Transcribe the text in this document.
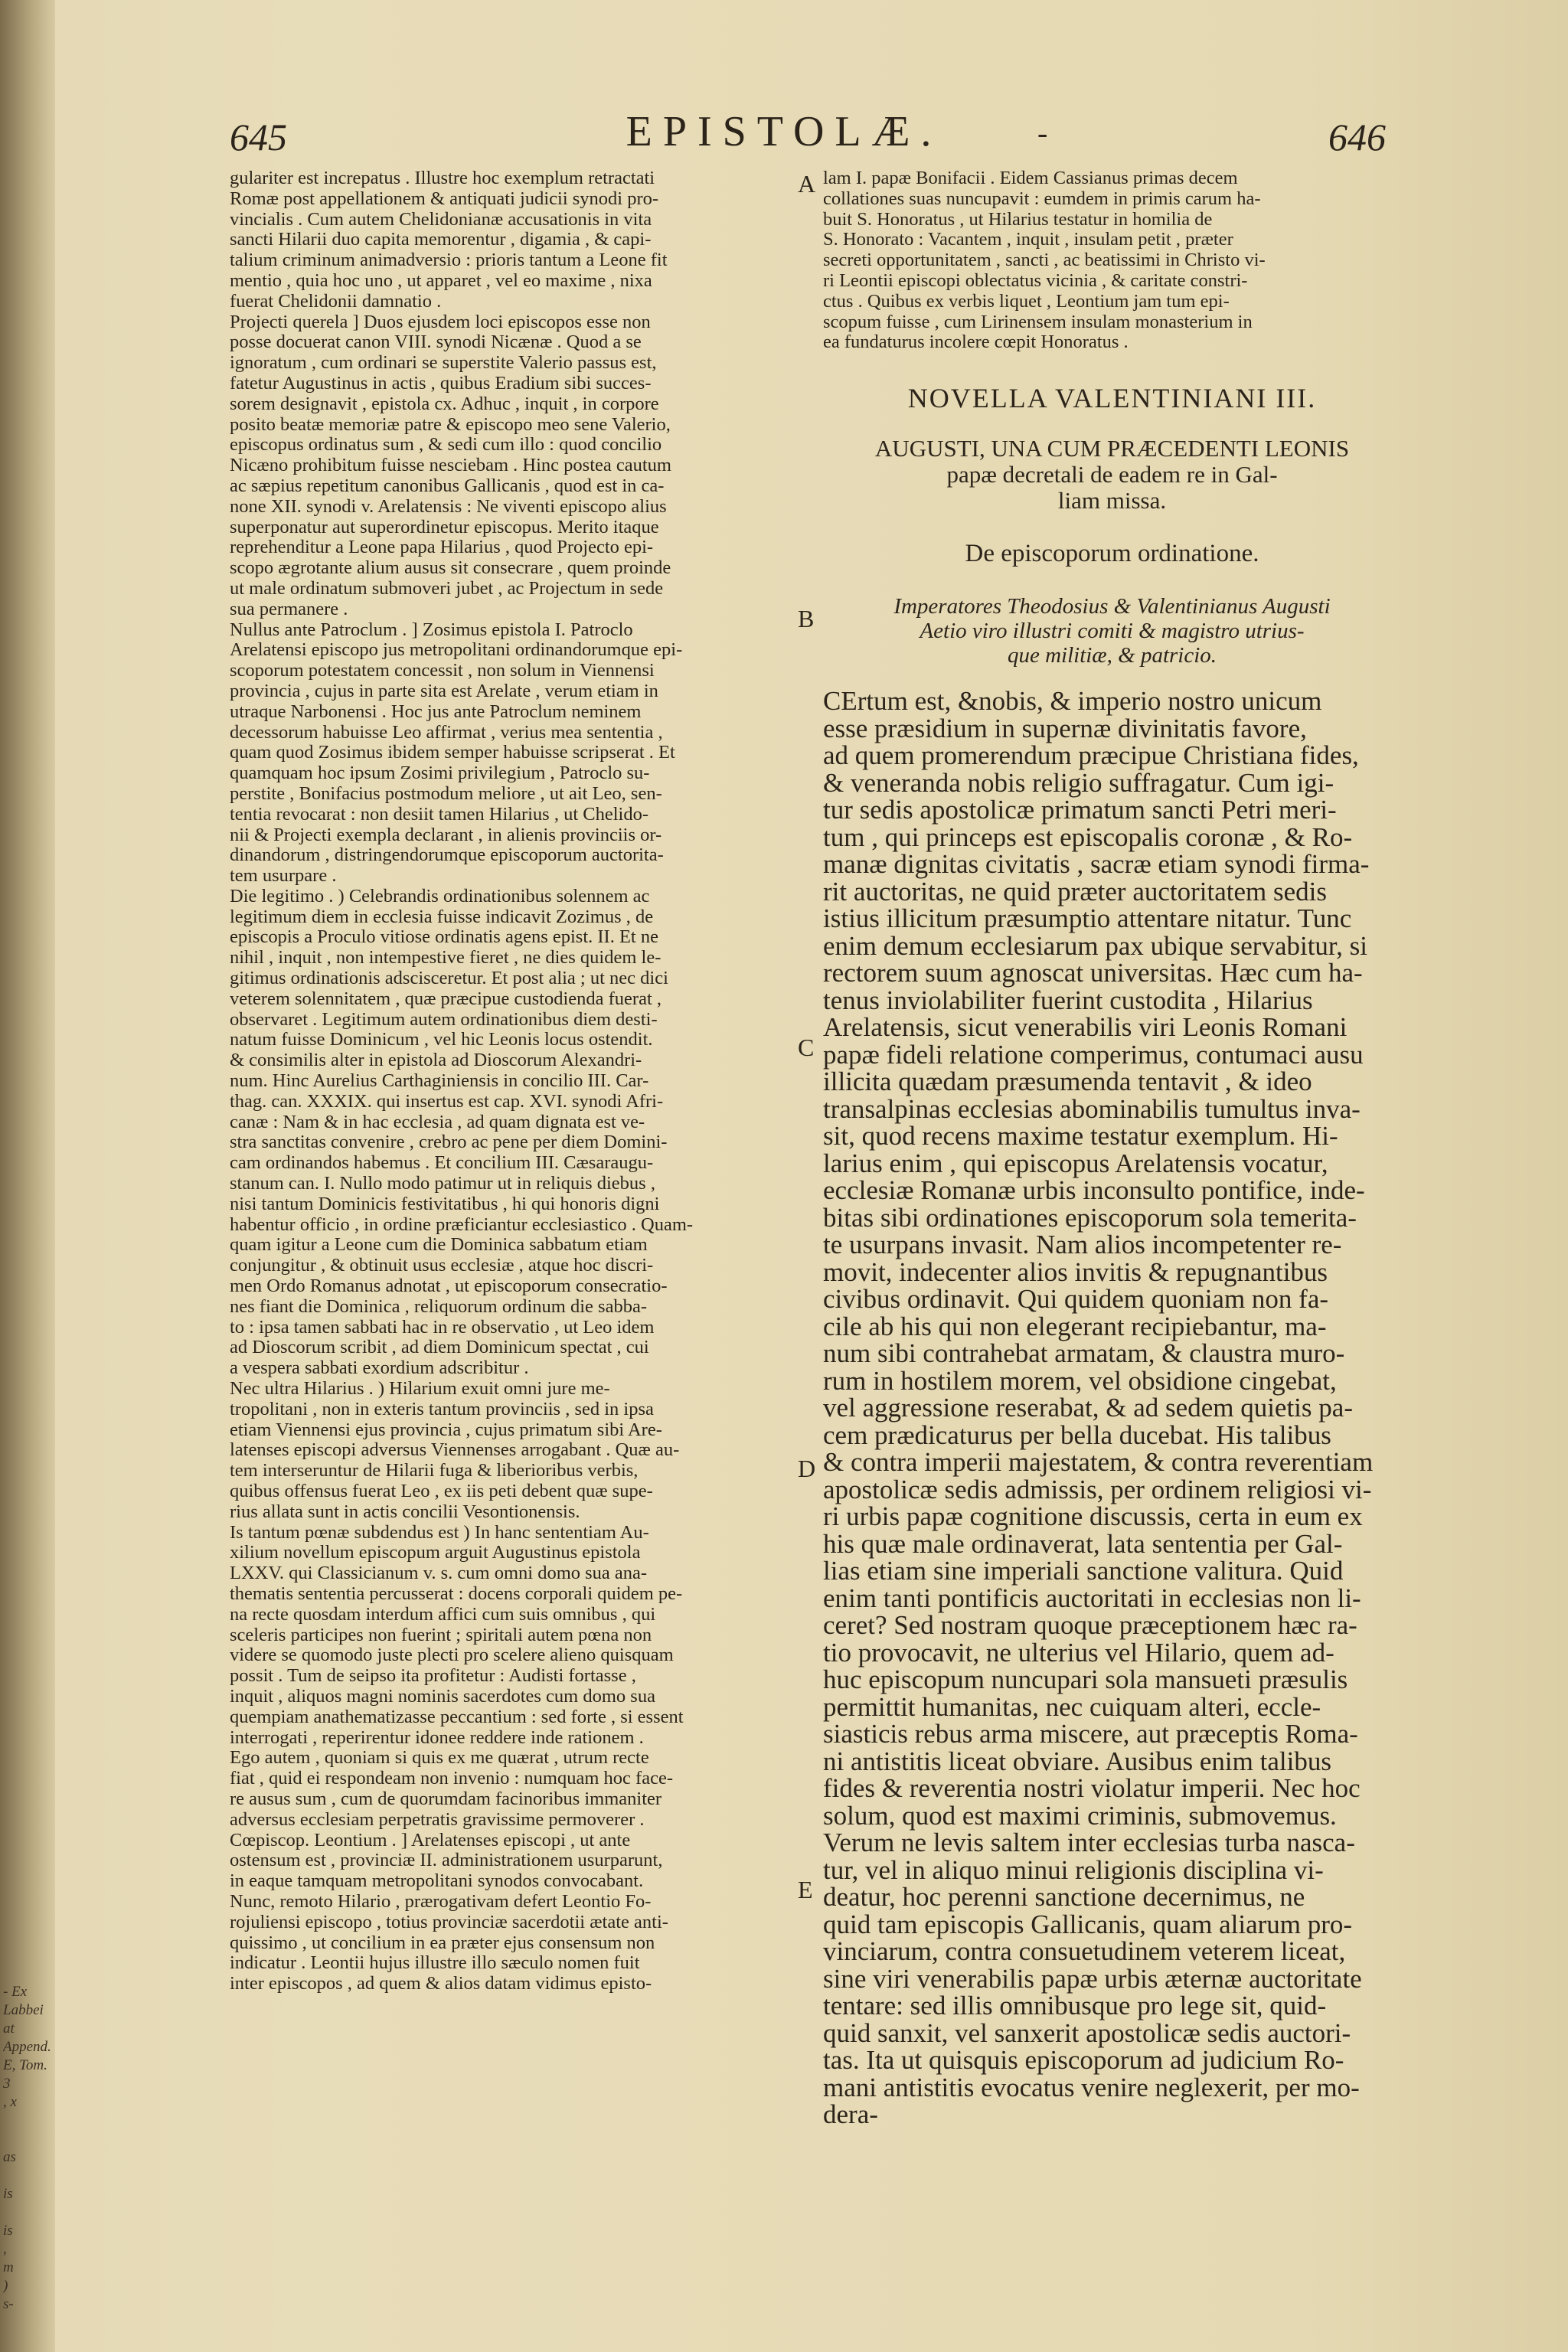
- Ex Labbei
at Append.
E, Tom. 3
, x

as

is

is
,
m
)
s-
645	EPISTOLÆ.	-	646

gulariter est increpatus . Illustre hoc exemplum retractati
Romæ post appellationem & antiquati judicii synodi pro-
vincialis . Cum autem Chelidonianæ accusationis in vita
sancti Hilarii duo capita memorentur , digamia , & capi-
talium criminum animadversio : prioris tantum a Leone fit
mentio , quia hoc uno , ut apparet , vel eo maxime , nixa
fuerat Chelidonii damnatio .
Projecti querela ] Duos ejusdem loci episcopos esse non
posse docuerat canon VIII. synodi Nicænæ . Quod a se
ignoratum , cum ordinari se superstite Valerio passus est,
fatetur Augustinus in actis , quibus Eradium sibi succes-
sorem designavit , epistola cx. Adhuc , inquit , in corpore
posito beatæ memoriæ patre & episcopo meo sene Valerio,
episcopus ordinatus sum , & sedi cum illo : quod concilio
Nicæno prohibitum fuisse nesciebam . Hinc postea cautum
ac sæpius repetitum canonibus Gallicanis , quod est in ca-
none XII. synodi v. Arelatensis : Ne viventi episcopo alius
superponatur aut superordinetur episcopus. Merito itaque
reprehenditur a Leone papa Hilarius , quod Projecto epi-
scopo ægrotante alium ausus sit consecrare , quem proinde
ut male ordinatum submoveri jubet , ac Projectum in sede
sua permanere .
Nullus ante Patroclum . ] Zosimus epistola I. Patroclo
Arelatensi episcopo jus metropolitani ordinandorumque epi-
scoporum potestatem concessit , non solum in Viennensi
provincia , cujus in parte sita est Arelate , verum etiam in
utraque Narbonensi . Hoc jus ante Patroclum neminem
decessorum habuisse Leo affirmat , verius mea sententia ,
quam quod Zosimus ibidem semper habuisse scripserat . Et
quamquam hoc ipsum Zosimi privilegium , Patroclo su-
perstite , Bonifacius postmodum meliore , ut ait Leo, sen-
tentia revocarat : non desiit tamen Hilarius , ut Chelido-
nii & Projecti exempla declarant , in alienis provinciis or-
dinandorum , distringendorumque episcoporum auctorita-
tem usurpare .
Die legitimo . ) Celebrandis ordinationibus solennem ac
legitimum diem in ecclesia fuisse indicavit Zozimus , de
episcopis a Proculo vitiose ordinatis agens epist. II. Et ne
nihil , inquit , non intempestive fieret , ne dies quidem le-
gitimus ordinationis adscisceretur. Et post alia ; ut nec dici
veterem solennitatem , quæ præcipue custodienda fuerat ,
observaret . Legitimum autem ordinationibus diem desti-
natum fuisse Dominicum , vel hic Leonis locus ostendit.
& consimilis alter in epistola ad Dioscorum Alexandri-
num. Hinc Aurelius Carthaginiensis in concilio III. Car-
thag. can. XXXIX. qui insertus est cap. XVI. synodi Afri-
canæ : Nam & in hac ecclesia , ad quam dignata est ve-
stra sanctitas convenire , crebro ac pene per diem Domini-
cam ordinandos habemus . Et concilium III. Cæsaraugu-
stanum can. I. Nullo modo patimur ut in reliquis diebus ,
nisi tantum Dominicis festivitatibus , hi qui honoris digni
habentur officio , in ordine præficiantur ecclesiastico . Quam-
quam igitur a Leone cum die Dominica sabbatum etiam
conjungitur , & obtinuit usus ecclesiæ , atque hoc discri-
men Ordo Romanus adnotat , ut episcoporum consecratio-
nes fiant die Dominica , reliquorum ordinum die sabba-
to : ipsa tamen sabbati hac in re observatio , ut Leo idem
ad Dioscorum scribit , ad diem Dominicum spectat , cui
a vespera sabbati exordium adscribitur .
Nec ultra Hilarius . ) Hilarium exuit omni jure me-
tropolitani , non in exteris tantum provinciis , sed in ipsa
etiam Viennensi ejus provincia , cujus primatum sibi Are-
latenses episcopi adversus Viennenses arrogabant . Quæ au-
tem interseruntur de Hilarii fuga & liberioribus verbis,
quibus offensus fuerat Leo , ex iis peti debent quæ supe-
rius allata sunt in actis concilii Vesontionensis.
Is tantum pœnæ subdendus est ) In hanc sententiam Au-
xilium novellum episcopum arguit Augustinus epistola
LXXV. qui Classicianum v. s. cum omni domo sua ana-
thematis sententia percusserat : docens corporali quidem pe-
na recte quosdam interdum affici cum suis omnibus , qui
sceleris participes non fuerint ; spiritali autem pœna non
videre se quomodo juste plecti pro scelere alieno quisquam
possit . Tum de seipso ita profitetur : Audisti fortasse ,
inquit , aliquos magni nominis sacerdotes cum domo sua
quempiam anathematizasse peccantium : sed forte , si essent
interrogati , reperirentur idonee reddere inde rationem .
Ego autem , quoniam si quis ex me quærat , utrum recte
fiat , quid ei respondeam non invenio : numquam hoc face-
re ausus sum , cum de quorumdam facinoribus immaniter
adversus ecclesiam perpetratis gravissime permoverer .
Cœpiscop. Leontium . ] Arelatenses episcopi , ut ante
ostensum est , provinciæ II. administrationem usurparunt,
in eaque tamquam metropolitani synodos convocabant.
Nunc, remoto Hilario , prærogativam defert Leontio Fo-
rojuliensi episcopo , totius provinciæ sacerdotii ætate anti-
quissimo , ut concilium in ea præter ejus consensum non
indicatur . Leontii hujus illustre illo sæculo nomen fuit
inter episcopos , ad quem & alios datam vidimus episto-

A
B
C
D
E

lam I. papæ Bonifacii . Eidem Cassianus primas decem
collationes suas nuncupavit : eumdem in primis carum ha-
buit S. Honoratus , ut Hilarius testatur in homilia de
S. Honorato : Vacantem , inquit , insulam petit , præter
secreti opportunitatem , sancti , ac beatissimi in Christo vi-
ri Leontii episcopi oblectatus vicinia , & caritate constri-
ctus . Quibus ex verbis liquet , Leontium jam tum epi-
scopum fuisse , cum Lirinensem insulam monasterium in
ea fundaturus incolere cœpit Honoratus .

NOVELLA VALENTINIANI III.
AUGUSTI, UNA CUM PRÆCEDENTI LEONIS
papæ decretali de eadem re in Gal-
liam missa.
De episcoporum ordinatione.
Imperatores Theodosius & Valentinianus Augusti
Aetio viro illustri comiti & magistro utrius-
que militiæ, & patricio.

CErtum est, &nobis, & imperio nostro unicum
esse præsidium in supernæ divinitatis favore,
ad quem promerendum præcipue Christiana fides,
& veneranda nobis religio suffragatur. Cum igi-
tur sedis apostolicæ primatum sancti Petri meri-
tum , qui princeps est episcopalis coronæ , & Ro-
manæ dignitas civitatis , sacræ etiam synodi firma-
rit auctoritas, ne quid præter auctoritatem sedis
istius illicitum præsumptio attentare nitatur. Tunc
enim demum ecclesiarum pax ubique servabitur, si
rectorem suum agnoscat universitas. Hæc cum ha-
tenus inviolabiliter fuerint custodita , Hilarius
Arelatensis, sicut venerabilis viri Leonis Romani
papæ fideli relatione comperimus, contumaci ausu
illicita quædam præsumenda tentavit , & ideo
transalpinas ecclesias abominabilis tumultus inva-
sit, quod recens maxime testatur exemplum. Hi-
larius enim , qui episcopus Arelatensis vocatur,
ecclesiæ Romanæ urbis inconsulto pontifice, inde-
bitas sibi ordinationes episcoporum sola temerita-
te usurpans invasit. Nam alios incompetenter re-
movit, indecenter alios invitis & repugnantibus
civibus ordinavit. Qui quidem quoniam non fa-
cile ab his qui non elegerant recipiebantur, ma-
num sibi contrahebat armatam, & claustra muro-
rum in hostilem morem, vel obsidione cingebat,
vel aggressione reserabat, & ad sedem quietis pa-
cem prædicaturus per bella ducebat. His talibus
& contra imperii majestatem, & contra reverentiam
apostolicæ sedis admissis, per ordinem religiosi vi-
ri urbis papæ cognitione discussis, certa in eum ex
his quæ male ordinaverat, lata sententia per Gal-
lias etiam sine imperiali sanctione valitura. Quid
enim tanti pontificis auctoritati in ecclesias non li-
ceret? Sed nostram quoque præceptionem hæc ra-
tio provocavit, ne ulterius vel Hilario, quem ad-
huc episcopum nuncupari sola mansueti præsulis
permittit humanitas, nec cuiquam alteri, eccle-
siasticis rebus arma miscere, aut præceptis Roma-
ni antistitis liceat obviare. Ausibus enim talibus
fides & reverentia nostri violatur imperii. Nec hoc
solum, quod est maximi criminis, submovemus.
Verum ne levis saltem inter ecclesias turba nasca-
tur, vel in aliquo minui religionis disciplina vi-
deatur, hoc perenni sanctione decernimus, ne
quid tam episcopis Gallicanis, quam aliarum pro-
vinciarum, contra consuetudinem veterem liceat,
sine viri venerabilis papæ urbis æternæ auctoritate
tentare: sed illis omnibusque pro lege sit, quid-
quid sanxit, vel sanxerit apostolicæ sedis auctori-
tas. Ita ut quisquis episcoporum ad judicium Ro-
mani antistitis evocatus venire neglexerit, per mo-
dera-
